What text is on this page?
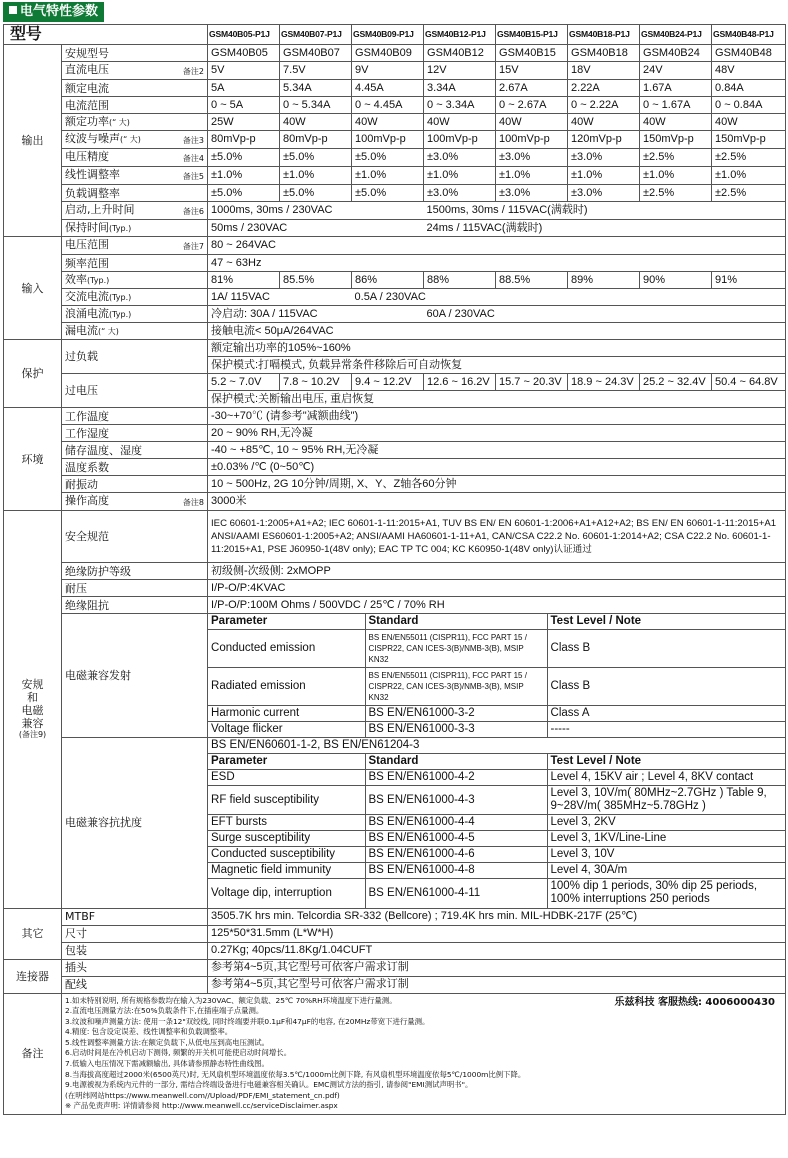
电气特性参数
型号	GSM40B05-P1J	GSM40B07-P1J	GSM40B09-P1J	GSM40B12-P1J	GSM40B15-P1J	GSM40B18-P1J	GSM40B24-P1J	GSM40B48-P1J
输出	安规型号	GSM40B05	GSM40B07	GSM40B09	GSM40B12	GSM40B15	GSM40B18	GSM40B24	GSM40B48
直流电压	备注2	5V	7.5V	9V	12V	15V	18V	24V	48V
额定电流	5A	5.34A	4.45A	3.34A	2.67A	2.22A	1.67A	0.84A
电流范围	0 ~ 5A	0 ~ 5.34A	0 ~ 4.45A	0 ~ 3.34A	0 ~ 2.67A	0 ~ 2.22A	0 ~ 1.67A	0 ~ 0.84A
额定功率(“ 大)	25W	40W	40W	40W	40W	40W	40W	40W
纹波与噪声(“ 大)	备注3	80mVp-p	80mVp-p	100mVp-p	100mVp-p	100mVp-p	120mVp-p	150mVp-p	150mVp-p
电压精度	备注4	±5.0%	±5.0%	±5.0%	±3.0%	±3.0%	±3.0%	±2.5%	±2.5%
线性调整率	备注5	±1.0%	±1.0%	±1.0%	±1.0%	±1.0%	±1.0%	±1.0%	±1.0%
负载调整率	±5.0%	±5.0%	±5.0%	±3.0%	±3.0%	±3.0%	±2.5%	±2.5%
启动,上升时间	备注6	1000ms, 30ms / 230VAC	1500ms, 30ms / 115VAC(满载时)
保持时间(Typ.)	50ms / 230VAC	24ms / 115VAC(满载时)
输入	电压范围	备注7	80 ~ 264VAC
频率范围	47 ~ 63Hz
效率(Typ.)	81%	85.5%	86%	88%	88.5%	89%	90%	91%
交流电流(Typ.)	1A/ 115VAC	0.5A / 230VAC
浪涌电流(Typ.)	冷启动: 30A / 115VAC	60A / 230VAC
漏电流(“ 大)	接触电流< 50μA/264VAC
保护	过负载	额定输出功率的105%~160%
保护模式:打嗝模式, 负载异常条件移除后可自动恢复
过电压	5.2 ~ 7.0V	7.8 ~ 10.2V	9.4 ~ 12.2V	12.6 ~ 16.2V	15.7 ~ 20.3V	18.9 ~ 24.3V	25.2 ~ 32.4V	50.4 ~ 64.8V
保护模式:关断输出电压, 重启恢复
环境	工作温度	-30~+70℃ (请参考"减额曲线")
工作湿度	20 ~ 90% RH,无冷凝
储存温度、湿度	-40 ~ +85℃, 10 ~ 95% RH,无冷凝
温度系数	±0.03% /℃ (0~50℃)
耐振动	10 ~ 500Hz, 2G 10分钟/周期, X、Y、Z轴各60分钟
操作高度	备注8	3000米

安规
和
电磁
兼容
(备注9)
	安全规范	IEC 60601-1:2005+A1+A2; IEC 60601-1-11:2015+A1, TUV BS EN/ EN 60601-1:2006+A1+A12+A2; BS EN/ EN 60601-1-11:2015+A1 ANSI/AAMI ES60601-1:2005+A2; ANSI/AAMI HA60601-1-11+A1, CAN/CSA C22.2 No. 60601-1:2014+A2; CSA C22.2 No. 60601-1-11:2015+A1, PSE J60950-1(48V only); EAC TP TC 004; KC K60950-1(48V only)认证通过
绝缘防护等级	初级侧-次级侧: 2xMOPP
耐压	I/P-O/P:4KVAC
绝缘阻抗	I/P-O/P:100M Ohms / 500VDC / 25℃ / 70% RH
电磁兼容发射	
Parameter	Standard	Test Level / Note
Conducted emission	BS EN/EN55011 (CISPR11), FCC PART 15 / CISPR22, CAN ICES-3(B)/NMB-3(B), MSIP KN32	Class B
Radiated emission	BS EN/EN55011 (CISPR11), FCC PART 15 / CISPR22, CAN ICES-3(B)/NMB-3(B), MSIP KN32	Class B
Harmonic current	BS EN/EN61000-3-2	Class A
Voltage flicker	BS EN/EN61000-3-3	-----

电磁兼容抗扰度	
BS EN/EN60601-1-2, BS EN/EN61204-3
Parameter	Standard	Test Level / Note
ESD	BS EN/EN61000-4-2	Level 4, 15KV air ; Level 4, 8KV contact
RF field susceptibility	BS EN/EN61000-4-3	Level 3, 10V/m( 80MHz~2.7GHz ) Table 9, 9~28V/m( 385MHz~5.78GHz )
EFT bursts	BS EN/EN61000-4-4	Level 3, 2KV
Surge susceptibility	BS EN/EN61000-4-5	Level 3, 1KV/Line-Line
Conducted susceptibility	BS EN/EN61000-4-6	Level 3, 10V
Magnetic field immunity	BS EN/EN61000-4-8	Level 4, 30A/m
Voltage dip, interruption	BS EN/EN61000-4-11	100% dip 1 periods, 30% dip 25 periods, 100% interruptions 250 periods

其它	MTBF	3505.7K hrs min. Telcordia SR-332 (Bellcore) ; 719.4K hrs min. MIL-HDBK-217F (25℃)
尺寸	125*50*31.5mm (L*W*H)
包装	0.27Kg; 40pcs/11.8Kg/1.04CUFT
连接器	插头	参考第4~5页,其它型号可依客户需求订制
配线	参考第4~5页,其它型号可依客户需求订制
备注	
乐兹科技 客服热线: 4006000430
1.如未特别说明, 所有规格参数均在输入为230VAC、额定负载、25℃ 70%RH环境温度下进行量测。
2.直流电压测量方法:在50%负载条件下,在插座端子点量测。
3.纹波和噪声测量方法: 使用一条12"双绞线, 同时终端要并联0.1μF和47μF的电容, 在20MHz带宽下进行量测。
4.精度: 包含设定误差、线性调整率和负载调整率。
5.线性调整率测量方法:在额定负载下,从低电压到高电压测试。
6.启动时间是在冷机启动下测得, 频繁的开关机可能使启动时间增长。
7.低输入电压情况下需减额输出, 具体请参照静态特性曲线图。
8.当海拔高度超过2000米(6500英尺)时, 无风扇机型环境温度依每3.5℃/1000m比例下降, 有风扇机型环境温度依每5℃/1000m比例下降。
9.电源被视为系统内元件的一部分, 需结合终端设备进行电磁兼容相关确认。EMC测试方法的指引, 请参阅"EMI测试声明书"。
(在明纬网站https://www.meanwell.com//Upload/PDF/EMI_statement_cn.pdf)
※ 产品免责声明: 详情请参阅 http://www.meanwell.cc/serviceDisclaimer.aspx
